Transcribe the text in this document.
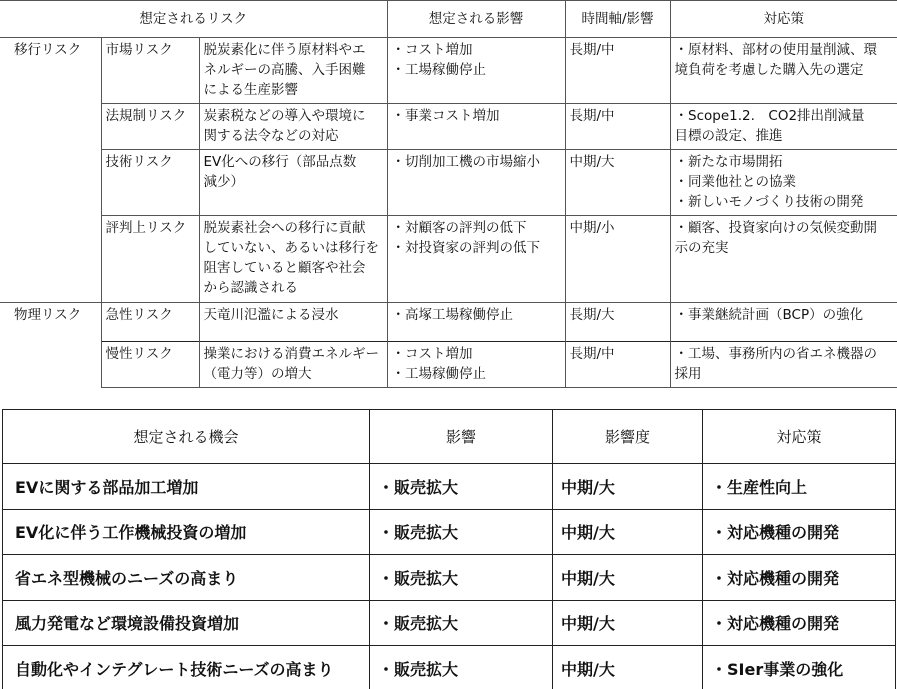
想定されるリスク			想定される影響	時間軸/影響	対応策
移行リスク	市場リスク	脱炭素化に伴う原材料やエ
ネルギーの高騰、入手困難
による生産影響	・コスト増加
・工場稼働停止	長期/中	・原材料、部材の使用量削減、環
境負荷を考慮した購入先の選定

	法規制リスク	炭素税などの導入や環境に
関する法令などの対応	・事業コスト増加	長期/中	・Scope1.2.　CO2排出削減量
目標の設定、推進

	技術リスク	EV化への移行（部品点数
減少）	・切削加工機の市場縮小	中期/大	・新たな市場開拓
・同業他社との協業
・新しいモノづくり技術の開発

	評判上リスク	脱炭素社会への移行に貢献
していない、あるいは移行を
阻害していると顧客や社会
から認識される	・対顧客の評判の低下
・対投資家の評判の低下	中期/小	・顧客、投資家向けの気候変動開
示の充実

物理リスク	急性リスク	天竜川氾濫による浸水	・高塚工場稼働停止	長期/大	・事業継続計画（BCP）の強化

	慢性リスク	操業における消費エネルギー
（電力等）の増大	・コスト増加
・工場稼働停止	長期/中	・工場、事務所内の省エネ機器の
採用
想定される機会	影響	影響度	対応策
EVに関する部品加工増加	・販売拡大	中期/大	・生産性向上
EV化に伴う工作機械投資の増加	・販売拡大	中期/大	・対応機種の開発
省エネ型機械のニーズの高まり	・販売拡大	中期/大	・対応機種の開発
風力発電など環境設備投資増加	・販売拡大	中期/大	・対応機種の開発
自動化やインテグレート技術ニーズの高まり	・販売拡大	中期/大	・SIer事業の強化
